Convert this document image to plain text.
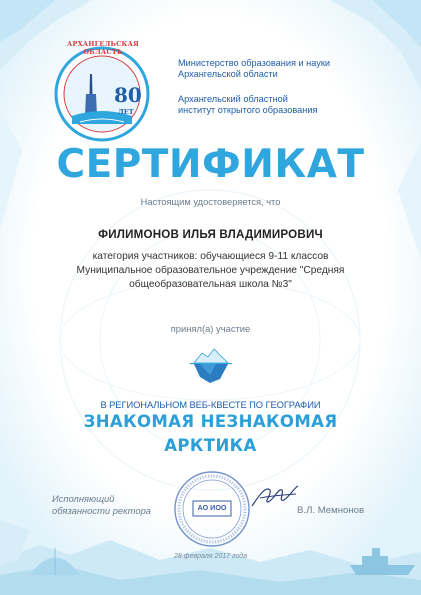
80
АРХАНГЕЛЬСКАЯ ОБЛАСТЬ
ЛЕТ
Министерство образования и науки
Архангельской области
Архангельский областной
институт открытого образования
СЕРТИФИКАТ
Настоящим удостоверяется, что
ФИЛИМОНОВ ИЛЬЯ ВЛАДИМИРОВИЧ
категория участников: обучающиеся 9-11 классов
Муниципальное образовательное учреждение "Средняя
общеобразовательная школа №3"
принял(а) участие
В РЕГИОНАЛЬНОМ ВЕБ-КВЕСТЕ ПО ГЕОГРАФИИ
ЗНАКОМАЯ НЕЗНАКОМАЯ
АРКТИКА
Исполняющий
обязанности ректора	АО ИОО	В.Л. Мемнонов
28 февраля 2017 года
